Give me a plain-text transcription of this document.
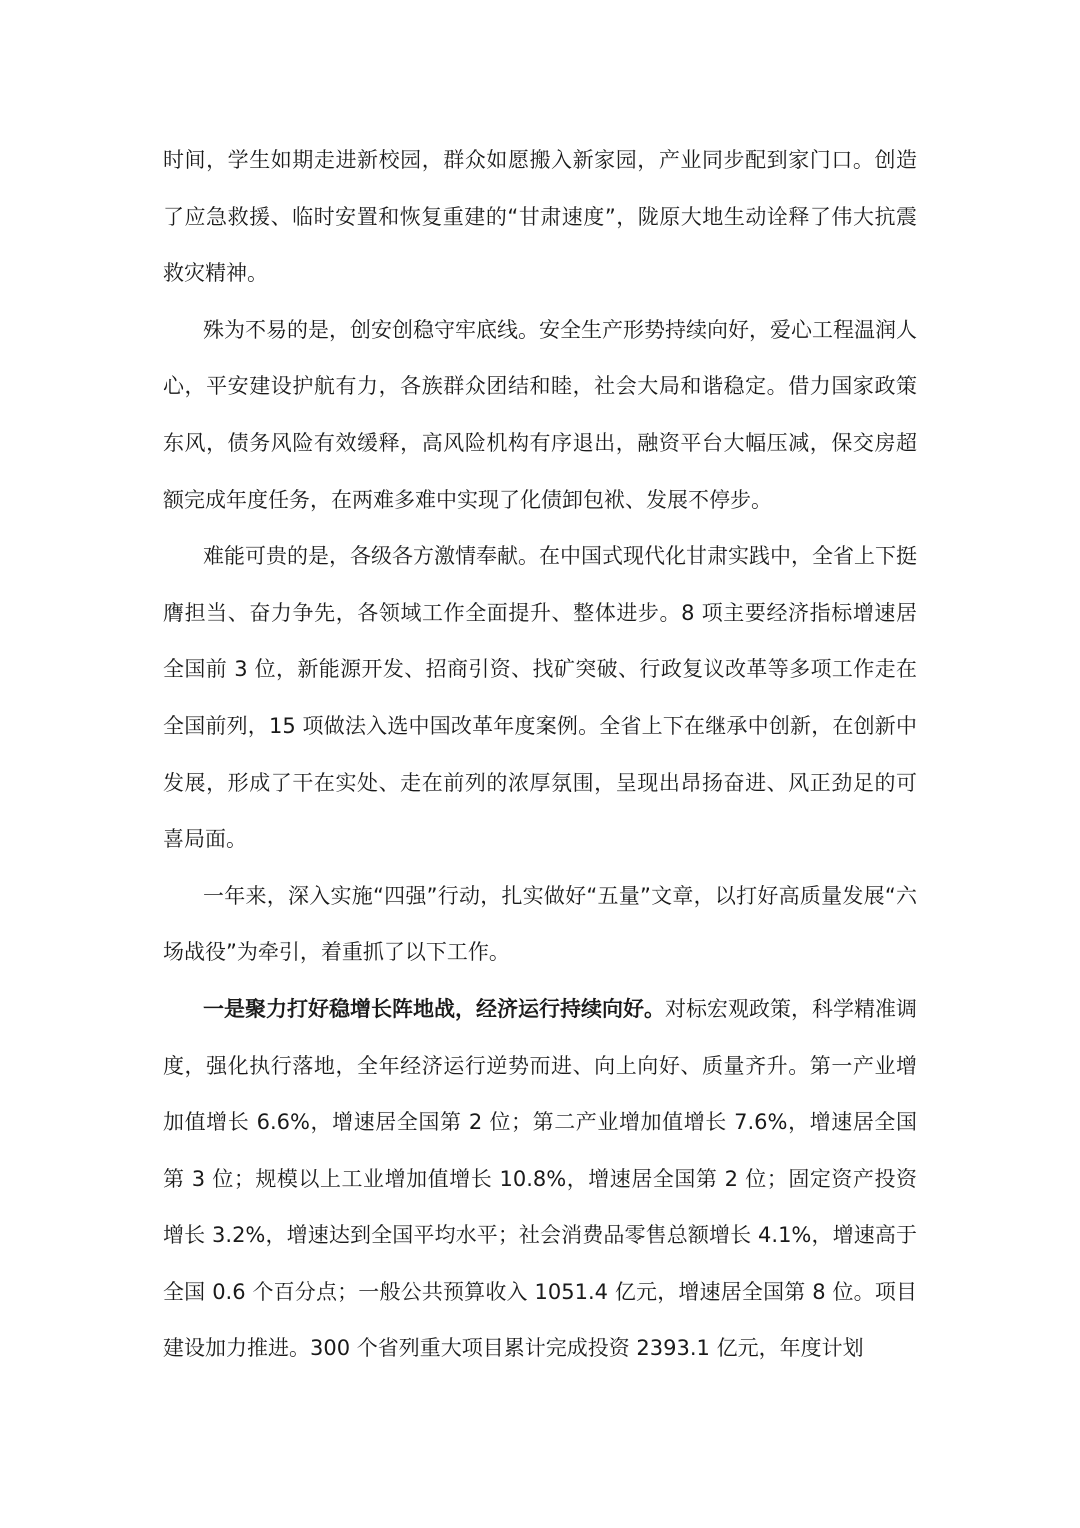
时间，学生如期走进新校园，群众如愿搬入新家园，产业同步配到家门口。创造了应急救援、临时安置和恢复重建的“甘肃速度”，陇原大地生动诠释了伟大抗震救灾精神。

殊为不易的是，创安创稳守牢底线。安全生产形势持续向好，爱心工程温润人心，平安建设护航有力，各族群众团结和睦，社会大局和谐稳定。借力国家政策东风，债务风险有效缓释，高风险机构有序退出，融资平台大幅压减，保交房超额完成年度任务，在两难多难中实现了化债卸包袱、发展不停步。

难能可贵的是，各级各方激情奉献。在中国式现代化甘肃实践中，全省上下挺膺担当、奋力争先，各领域工作全面提升、整体进步。8 项主要经济指标增速居全国前 3 位，新能源开发、招商引资、找矿突破、行政复议改革等多项工作走在全国前列，15 项做法入选中国改革年度案例。全省上下在继承中创新，在创新中发展，形成了干在实处、走在前列的浓厚氛围，呈现出昂扬奋进、风正劲足的可喜局面。

一年来，深入实施“四强”行动，扎实做好“五量”文章，以打好高质量发展“六场战役”为牵引，着重抓了以下工作。

一是聚力打好稳增长阵地战，经济运行持续向好。对标宏观政策，科学精准调度，强化执行落地，全年经济运行逆势而进、向上向好、质量齐升。第一产业增加值增长 6.6%，增速居全国第 2 位；第二产业增加值增长 7.6%，增速居全国第 3 位；规模以上工业增加值增长 10.8%，增速居全国第 2 位；固定资产投资增长 3.2%，增速达到全国平均水平；社会消费品零售总额增长 4.1%，增速高于全国 0.6 个百分点；一般公共预算收入 1051.4 亿元，增速居全国第 8 位。项目建设加力推进。300 个省列重大项目累计完成投资 2393.1 亿元，年度计划
